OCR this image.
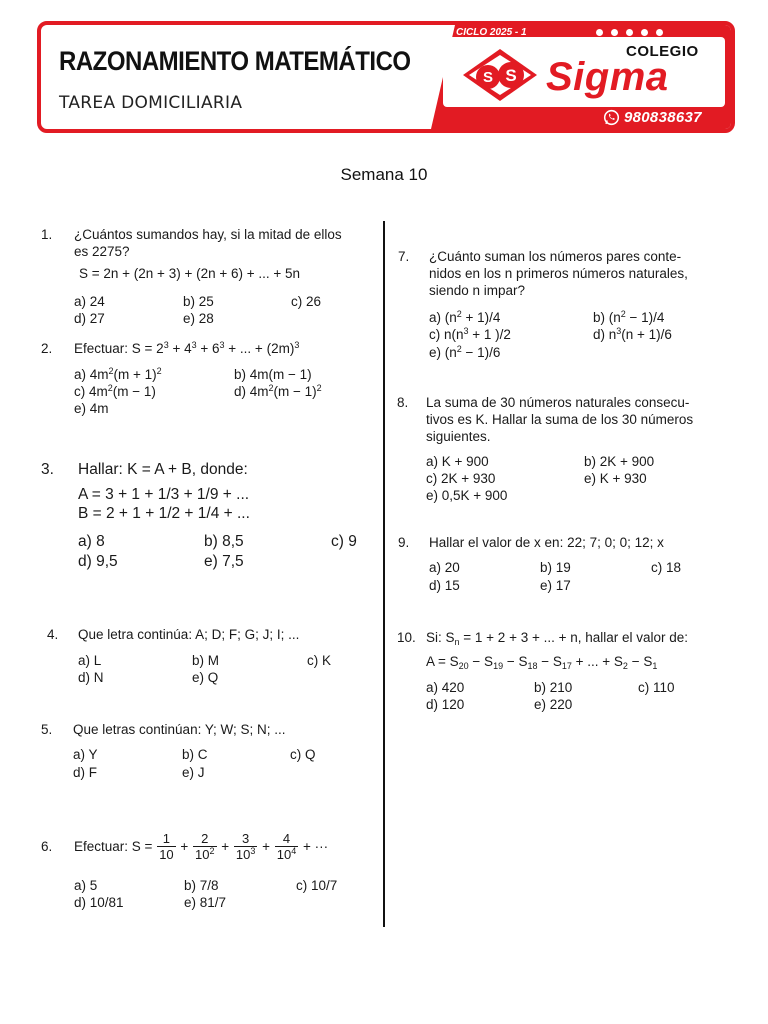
RAZONAMIENTO MATEMÁTICO
TAREA DOMICILIARIA
CICLO 2025 - 1
S S
COLEGIO
Sigma
980838637
Semana 10
1. ¿Cuántos sumandos hay, si la mitad de ellos
es 2275?
S = 2n + (2n + 3) + (2n + 6) + ... + 5n
a) 24	b) 25	c) 26
d) 27	e) 28
2. Efectuar: $S = 2^3 + 4^3 + 6^3$ + ... + $(2m)^3$
a) $4m^2(m + 1)^2$	b) 4m(m − 1)
c) $4m^2(m - 1)$	d) $4m^2(m - 1)^2$
e) 4m
3. Hallar: K = A + B, donde:
A = 3 + 1 + 1/3 + 1/9 + ...
B = 2 + 1 + 1/2 + 1/4 + ...
a) 8	b) 8,5	c) 9
d) 9,5	e) 7,5
4. Que letra continúa: A; D; F; G; J; I; ...
a) L	b) M	c) K
d) N	e) Q
5. Que letras continúan: Y; W; S; N; ...
a) Y	b) C	c) Q
d) F	e) J
6. Efectuar: S =
$\frac{1}{10} + \frac{2}{10^2} + \frac{3}{10^3} + \frac{4}{10^4}$
+ ···
a) 5	b) 7/8	c) 10/7
d) 10/81	e) 81/7
7. ¿Cuánto suman los números pares conte-
nidos en los n primeros números naturales,
siendo n impar?
a) $(n^2 + 1)/4$	b) $(n^2 - 1)/4$
c) $n(n^3 + 1$ )/2	d) $n^3(n + 1)/6$
e) $(n^2 - 1)/6$
8. La suma de 30 números naturales consecu-
tivos es K. Hallar la suma de los 30 números
siguientes.
a) K + 900	b) 2K + 900
c) 2K + 930	e) K + 930
e) 0,5K + 900
9. Hallar el valor de x en: 22; 7; 0; 0; 12; x
a) 20	b) 19	c) 18
d) 15	e) 17
10. Si: $S_n = 1 + 2 + 3$ + ... + n, hallar el valor de:
$A = S_{20} - S_{19} - S_{18} - S_{17}$ + ... + $S_2 - S_1$
a) 420	b) 210	c) 110
d) 120	e) 220
